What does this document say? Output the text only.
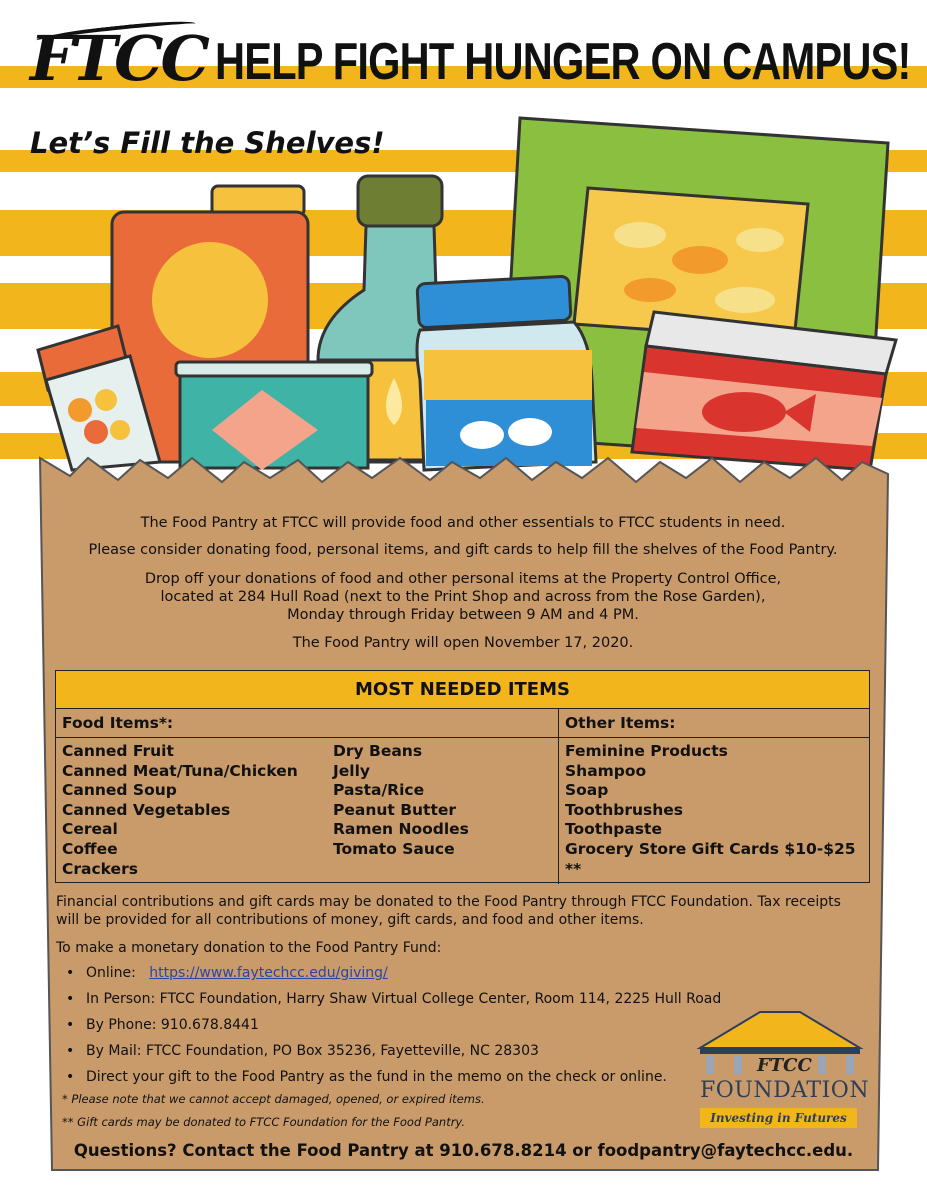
FTCC HELP FIGHT HUNGER ON CAMPUS!
Let’s Fill the Shelves!
The Food Pantry at FTCC will provide food and other essentials to FTCC students in need.
Please consider donating food, personal items, and gift cards to help fill the shelves of the Food Pantry.
Drop off your donations of food and other personal items at the Property Control Office,
located at 284 Hull Road (next to the Print Shop and across from the Rose Garden),
Monday through Friday between 9 AM and 4 PM.
The Food Pantry will open November 17, 2020.
MOST NEEDED ITEMS
Food Items*:	Other Items:
Canned Fruit
Canned Meat/Tuna/Chicken
Canned Soup
Canned Vegetables
Cereal
Coffee
Crackers
Dry Beans
Jelly
Pasta/Rice
Peanut Butter
Ramen Noodles
Tomato Sauce
Feminine Products
Shampoo
Soap
Toothbrushes
Toothpaste
Grocery Store Gift Cards $10-$25 **
Financial contributions and gift cards may be donated to the Food Pantry through FTCC Foundation. Tax receipts
will be provided for all contributions of money, gift cards, and food and other items.
To make a monetary donation to the Food Pantry Fund:
• Online: https://www.faytechcc.edu/giving/
• In Person: FTCC Foundation, Harry Shaw Virtual College Center, Room 114, 2225 Hull Road
• By Phone: 910.678.8441
• By Mail: FTCC Foundation, PO Box 35236, Fayetteville, NC 28303
• Direct your gift to the Food Pantry as the fund in the memo on the check or online.
* Please note that we cannot accept damaged, opened, or expired items.
** Gift cards may be donated to FTCC Foundation for the Food Pantry.
FTCC
FOUNDATION
Investing in Futures
Questions? Contact the Food Pantry at 910.678.8214 or foodpantry@faytechcc.edu.
